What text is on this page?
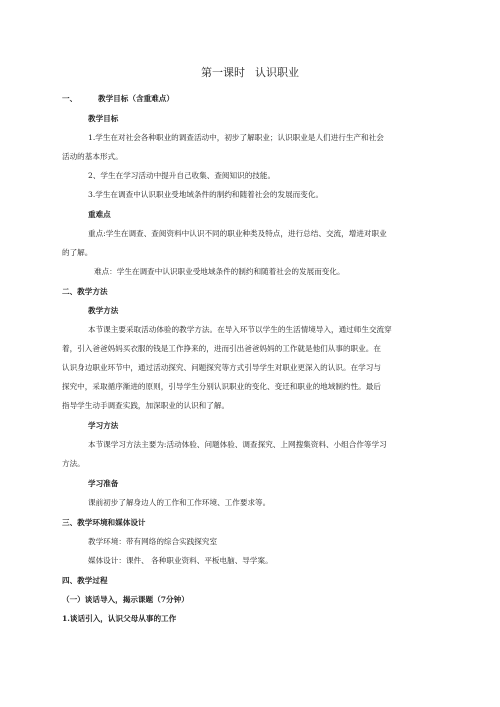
第一课时 认识职业
一、	教学目标（含重难点）
教学目标
1.学生在对社会各种职业的调查活动中，初步了解职业；认识职业是人们进行生产和社会
活动的基本形式。
2、学生在学习活动中提升自己收集、查阅知识的技能。
3.学生在调查中认识职业受地域条件的制约和随着社会的发展而变化。
重难点
重点:学生在调查、查阅资料中认识不同的职业种类及特点，进行总结、交流，增进对职业
的了解。
难点：学生在调查中认识职业受地域条件的制约和随着社会的发展而变化。
二、教学方法
教学方法
本节课主要采取活动体验的教学方法。在导入环节以学生的生活情境导入，通过师生交流穿
着，引入爸爸妈妈买衣服的钱是工作挣来的，进而引出爸爸妈妈的工作就是他们从事的职业。在
认识身边职业环节中，通过活动探究、问题探究等方式引导学生对职业更深入的认识。在学习与
探究中，采取循序渐进的原则，引导学生分别认识职业的变化、变迁和职业的地域制约性。最后
指导学生动手调查实践，加深职业的认识和了解。
学习方法
本节课学习方法主要为:活动体验、问题体验、调查探究、上网搜集资料、小组合作等学习
方法。
学习准备
课前初步了解身边人的工作和工作环境、工作要求等。
三、教学环境和媒体设计
教学环境：带有网络的综合实践探究室
媒体设计：课件、 各种职业资料、平板电脑、导学案。
四、教学过程
（一）谈话导入，揭示课题（7分钟）
1.谈话引入，认识父母从事的工作
